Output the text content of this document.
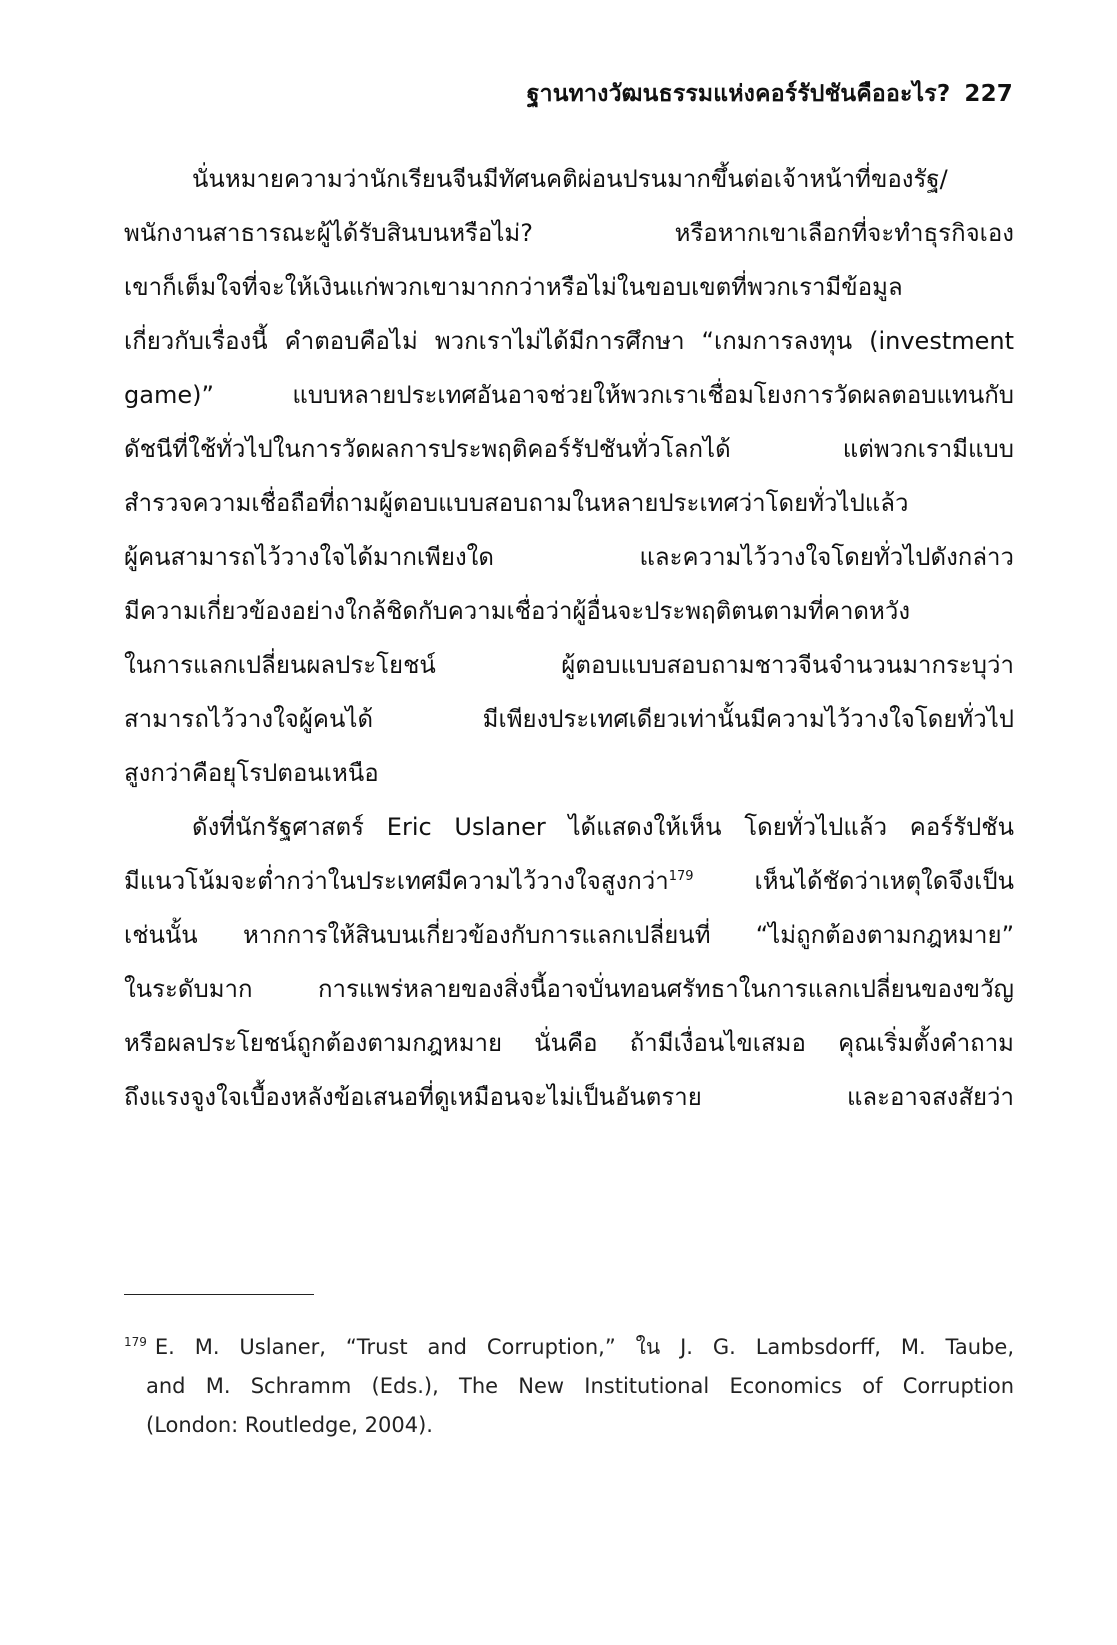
ฐานทางวัฒนธรรมแห่งคอร์รัปชันคืออะไร? 227
นั่นหมายความว่านักเรียนจีนมีทัศนคติผ่อนปรนมากขึ้นต่อเจ้าหน้าที่ของรัฐ/
พนักงานสาธารณะผู้ได้รับสินบนหรือไม่? หรือหากเขาเลือกที่จะทำธุรกิจเอง
เขาก็เต็มใจที่จะให้เงินแก่พวกเขามากกว่าหรือไม่ในขอบเขตที่พวกเรามีข้อมูล
เกี่ยวกับเรื่องนี้ คำตอบคือไม่ พวกเราไม่ได้มีการศึกษา “เกมการลงทุน (investment
game)” แบบหลายประเทศอันอาจช่วยให้พวกเราเชื่อมโยงการวัดผลตอบแทนกับ
ดัชนีที่ใช้ทั่วไปในการวัดผลการประพฤติคอร์รัปชันทั่วโลกได้ แต่พวกเรามีแบบ
สำรวจความเชื่อถือที่ถามผู้ตอบแบบสอบถามในหลายประเทศว่าโดยทั่วไปแล้ว
ผู้คนสามารถไว้วางใจได้มากเพียงใด และความไว้วางใจโดยทั่วไปดังกล่าว
มีความเกี่ยวข้องอย่างใกล้ชิดกับความเชื่อว่าผู้อื่นจะประพฤติตนตามที่คาดหวัง
ในการแลกเปลี่ยนผลประโยชน์ ผู้ตอบแบบสอบถามชาวจีนจำนวนมากระบุว่า
สามารถไว้วางใจผู้คนได้ มีเพียงประเทศเดียวเท่านั้นมีความไว้วางใจโดยทั่วไป
สูงกว่าคือยุโรปตอนเหนือ
ดังที่นักรัฐศาสตร์ Eric Uslaner ได้แสดงให้เห็น โดยทั่วไปแล้ว คอร์รัปชัน
มีแนวโน้มจะต่ำกว่าในประเทศมีความไว้วางใจสูงกว่า$^{179}$ เห็นได้ชัดว่าเหตุใดจึงเป็น
เช่นนั้น หากการให้สินบนเกี่ยวข้องกับการแลกเปลี่ยนที่ “ไม่ถูกต้องตามกฎหมาย”
ในระดับมาก การแพร่หลายของสิ่งนี้อาจบั่นทอนศรัทธาในการแลกเปลี่ยนของขวัญ
หรือผลประโยชน์ถูกต้องตามกฎหมาย นั่นคือ ถ้ามีเงื่อนไขเสมอ คุณเริ่มตั้งคำถาม
ถึงแรงจูงใจเบื้องหลังข้อเสนอที่ดูเหมือนจะไม่เป็นอันตราย และอาจสงสัยว่า
$^{179}$ E. M. Uslaner, “Trust and Corruption,” ใน J. G. Lambsdorff, M. Taube,
and M. Schramm (Eds.), The New Institutional Economics of Corruption
(London: Routledge, 2004).
